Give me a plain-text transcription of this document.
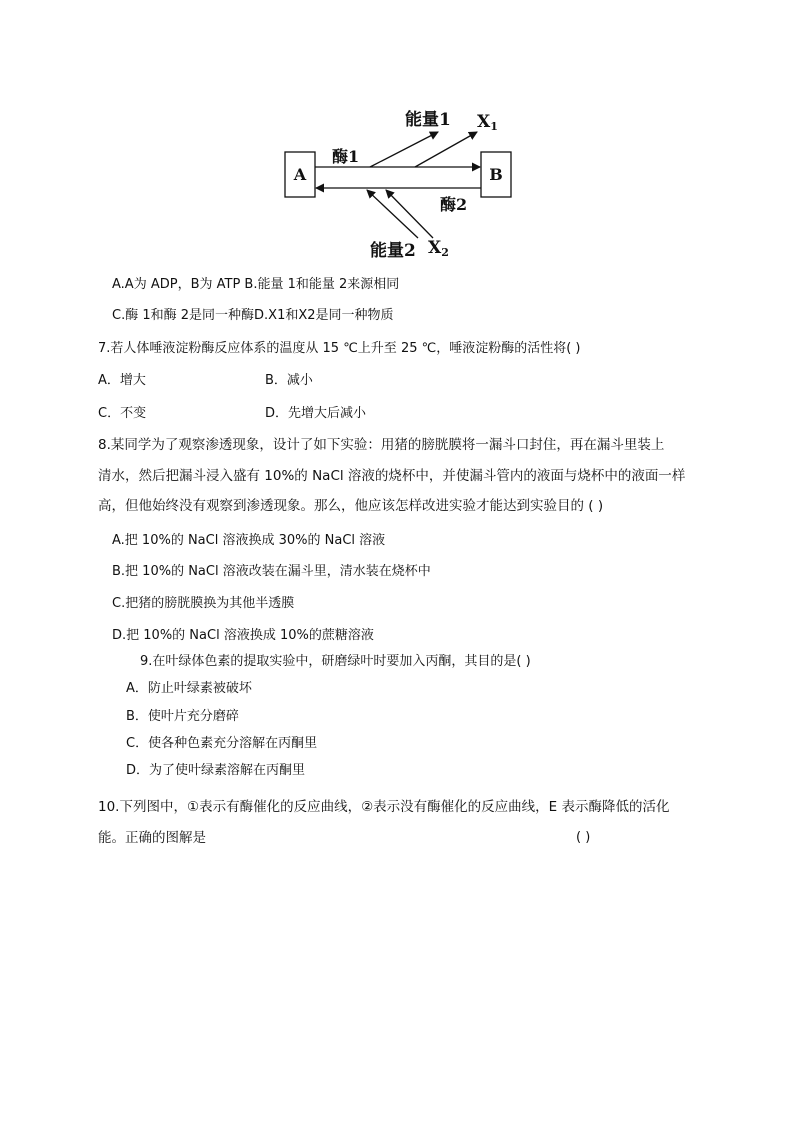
A	B
酶1
酶2
能量1
能量2
X1
X2
A.A为 ADP，B为 ATP B.能量 1和能量 2来源相同
C.酶 1和酶 2是同一种酶D.X1和X2是同一种物质
7.若人体唾液淀粉酶反应体系的温度从 15 ℃上升至 25 ℃，唾液淀粉酶的活性将( )
A．增大	B．减小
C．不变	D．先增大后减小
8.某同学为了观察渗透现象，设计了如下实验：用猪的膀胱膜将一漏斗口封住，再在漏斗里装上
清水，然后把漏斗浸入盛有 10%的 NaCl 溶液的烧杯中，并使漏斗管内的液面与烧杯中的液面一样
高，但他始终没有观察到渗透现象。那么，他应该怎样改进实验才能达到实验目的 ( )
A.把 10%的 NaCl 溶液换成 30%的 NaCl 溶液
B.把 10%的 NaCl 溶液改装在漏斗里，清水装在烧杯中
C.把猪的膀胱膜换为其他半透膜
D.把 10%的 NaCl 溶液换成 10%的蔗糖溶液
9.在叶绿体色素的提取实验中，研磨绿叶时要加入丙酮，其目的是( )
A．防止叶绿素被破坏
B．使叶片充分磨碎
C．使各种色素充分溶解在丙酮里
D．为了使叶绿素溶解在丙酮里
10.下列图中，①表示有酶催化的反应曲线，②表示没有酶催化的反应曲线，E 表示酶降低的活化
能。正确的图解是	( )
